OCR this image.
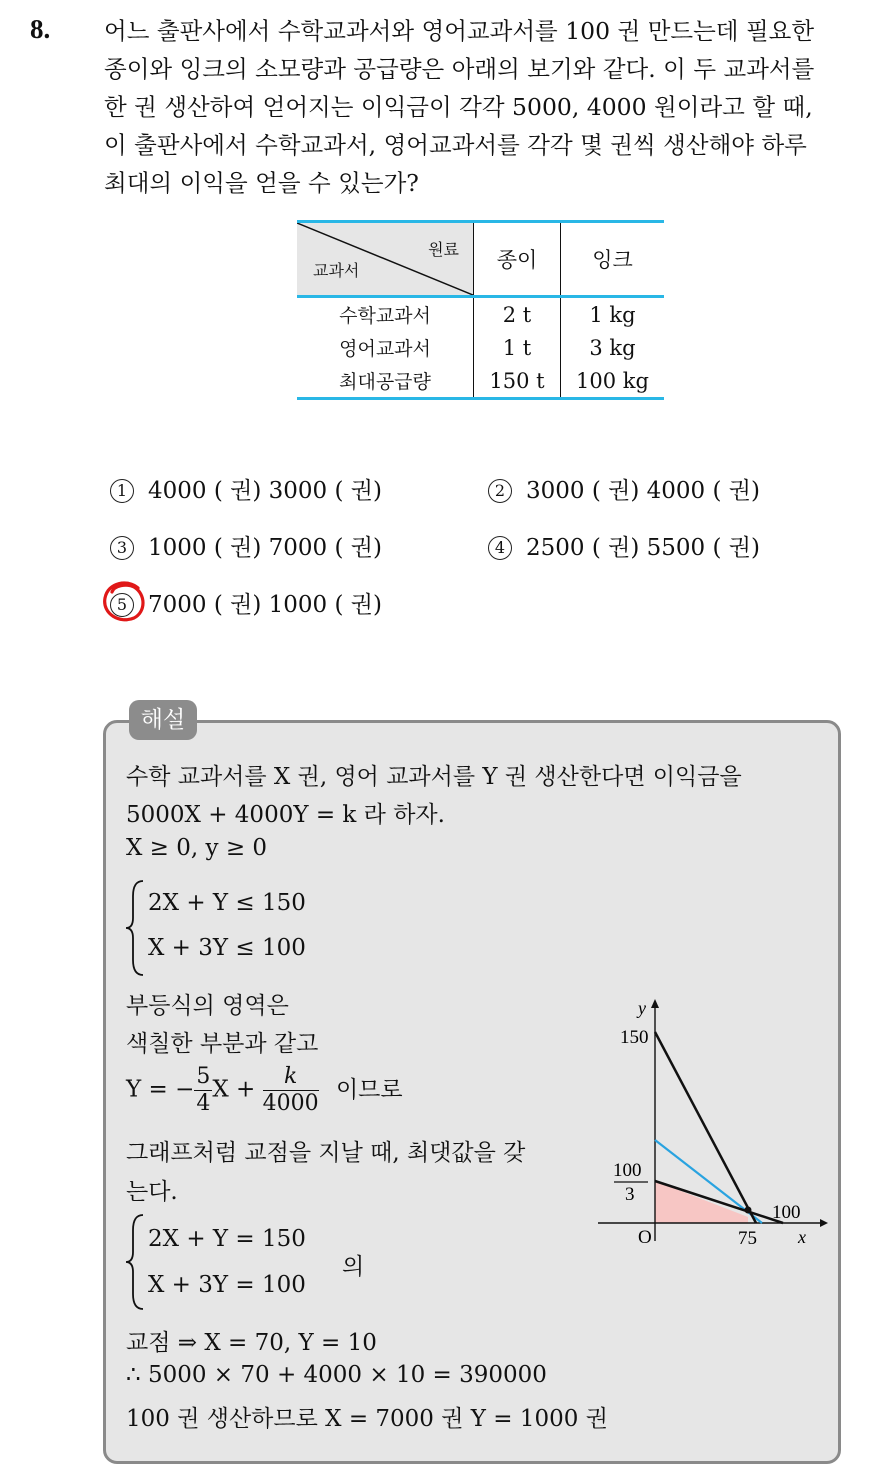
8. 어느 출판사에서 수학교과서와 영어교과서를 100 권 만드는데 필요한
종이와 잉크의 소모량과 공급량은 아래의 보기와 같다. 이 두 교과서를
한 권 생산하여 얻어지는 이익금이 각각 5000, 4000 원이라고 할 때,
이 출판사에서 수학교과서, 영어교과서를 각각 몇 권씩 생산해야 하루
최대의 이익을 얻을 수 있는가?
원료
교과서	종이	잉크
수학교과서	2 t	1 kg
영어교과서	1 t	3 kg
최대공급량	150 t	100 kg
1 4000 ( 권) 3000 ( 권)	2 3000 ( 권) 4000 ( 권)
3 1000 ( 권) 7000 ( 권)	4 2500 ( 권) 5500 ( 권)
5 7000 ( 권) 1000 ( 권)
해설
수학 교과서를 X 권, 영어 교과서를 Y 권 생산한다면 이익금을
5000X + 4000Y = k 라 하자.
X ≥ 0, y ≥ 0
2X + Y ≤ 150
X + 3Y ≤ 100
부등식의 영역은
색칠한 부분과 같고
Y = − $\frac{5}{4}$ $X + \frac{k}{4000}$ 이므로
그래프처럼 교점을 지날 때, 최댓값을 갖
는다.
2X + Y = 150
X + 3Y = 100
의
교점 ⇒ X = 70, Y = 10
∴ 5000 × 70 + 4000 × 10 = 390000
100 권 생산하므로 X = 7000 권 Y = 1000 권
y
150
100
3
O	75
100
x
